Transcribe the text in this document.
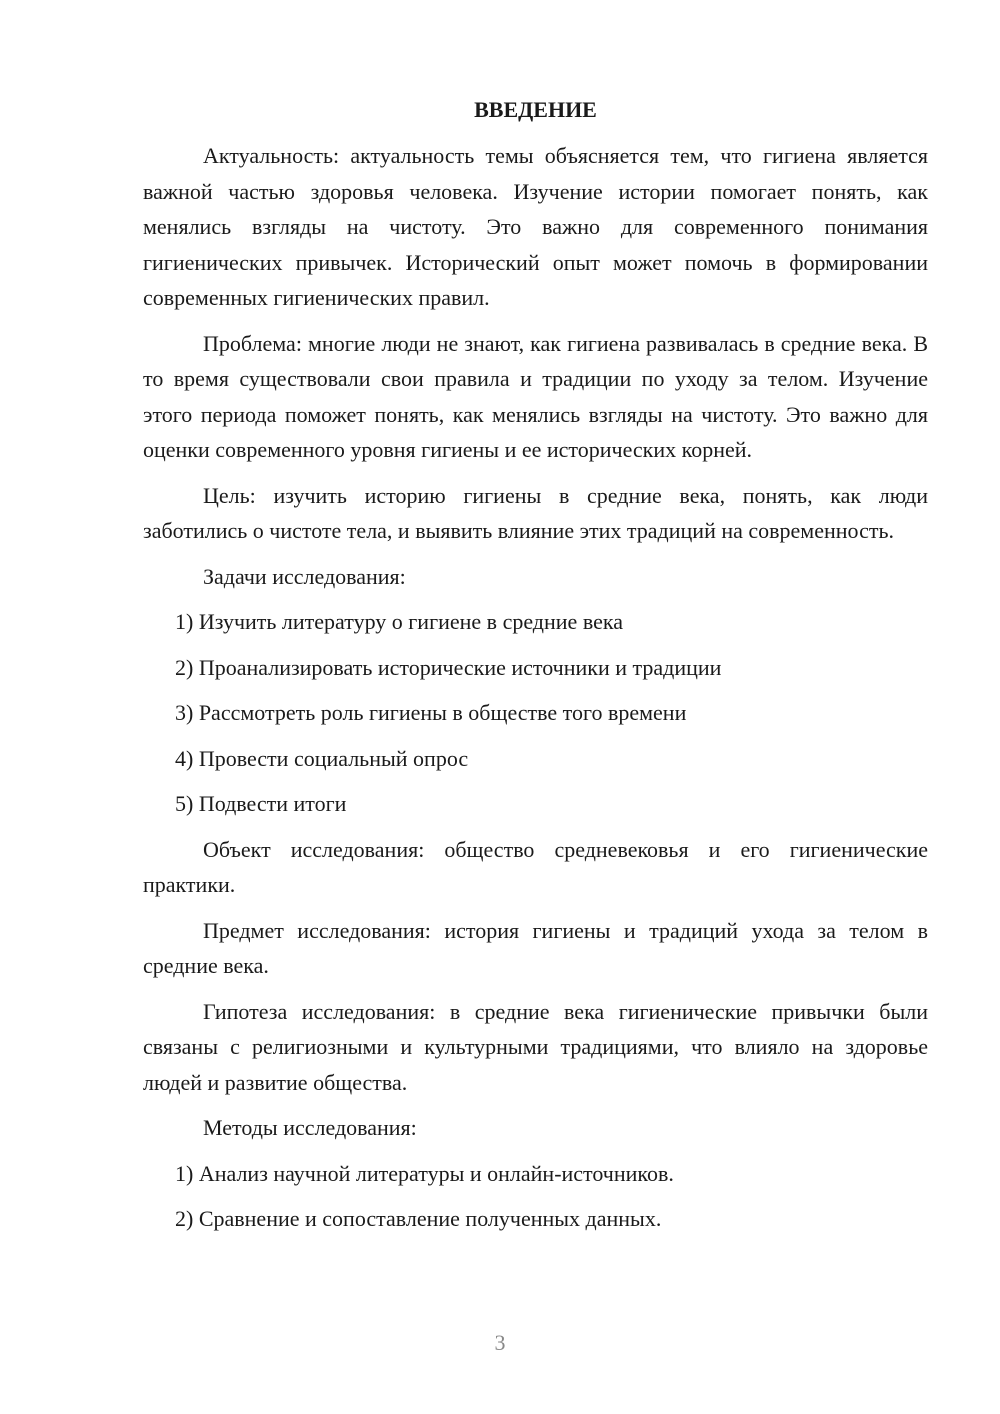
ВВЕДЕНИЕ

Актуальность: актуальность темы объясняется тем, что гигиена является важной частью здоровья человека. Изучение истории помогает понять, как менялись взгляды на чистоту. Это важно для современного понимания гигиенических привычек. Исторический опыт может помочь в формировании современных гигиенических правил.

Проблема: многие люди не знают, как гигиена развивалась в средние века. В то время существовали свои правила и традиции по уходу за телом. Изучение этого периода поможет понять, как менялись взгляды на чистоту. Это важно для оценки современного уровня гигиены и ее исторических корней.

Цель: изучить историю гигиены в средние века, понять, как люди заботились о чистоте тела, и выявить влияние этих традиций на современность.

Задачи исследования:

1) Изучить литературу о гигиене в средние века
2) Проанализировать исторические источники и традиции
3) Рассмотреть роль гигиены в обществе того времени
4) Провести социальный опрос
5) Подвести итоги

Объект исследования: общество средневековья и его гигиенические практики.

Предмет исследования: история гигиены и традиций ухода за телом в средние века.

Гипотеза исследования: в средние века гигиенические привычки были связаны с религиозными и культурными традициями, что влияло на здоровье людей и развитие общества.

Методы исследования:

1) Анализ научной литературы и онлайн-источников.
2) Сравнение и сопоставление полученных данных.
3
